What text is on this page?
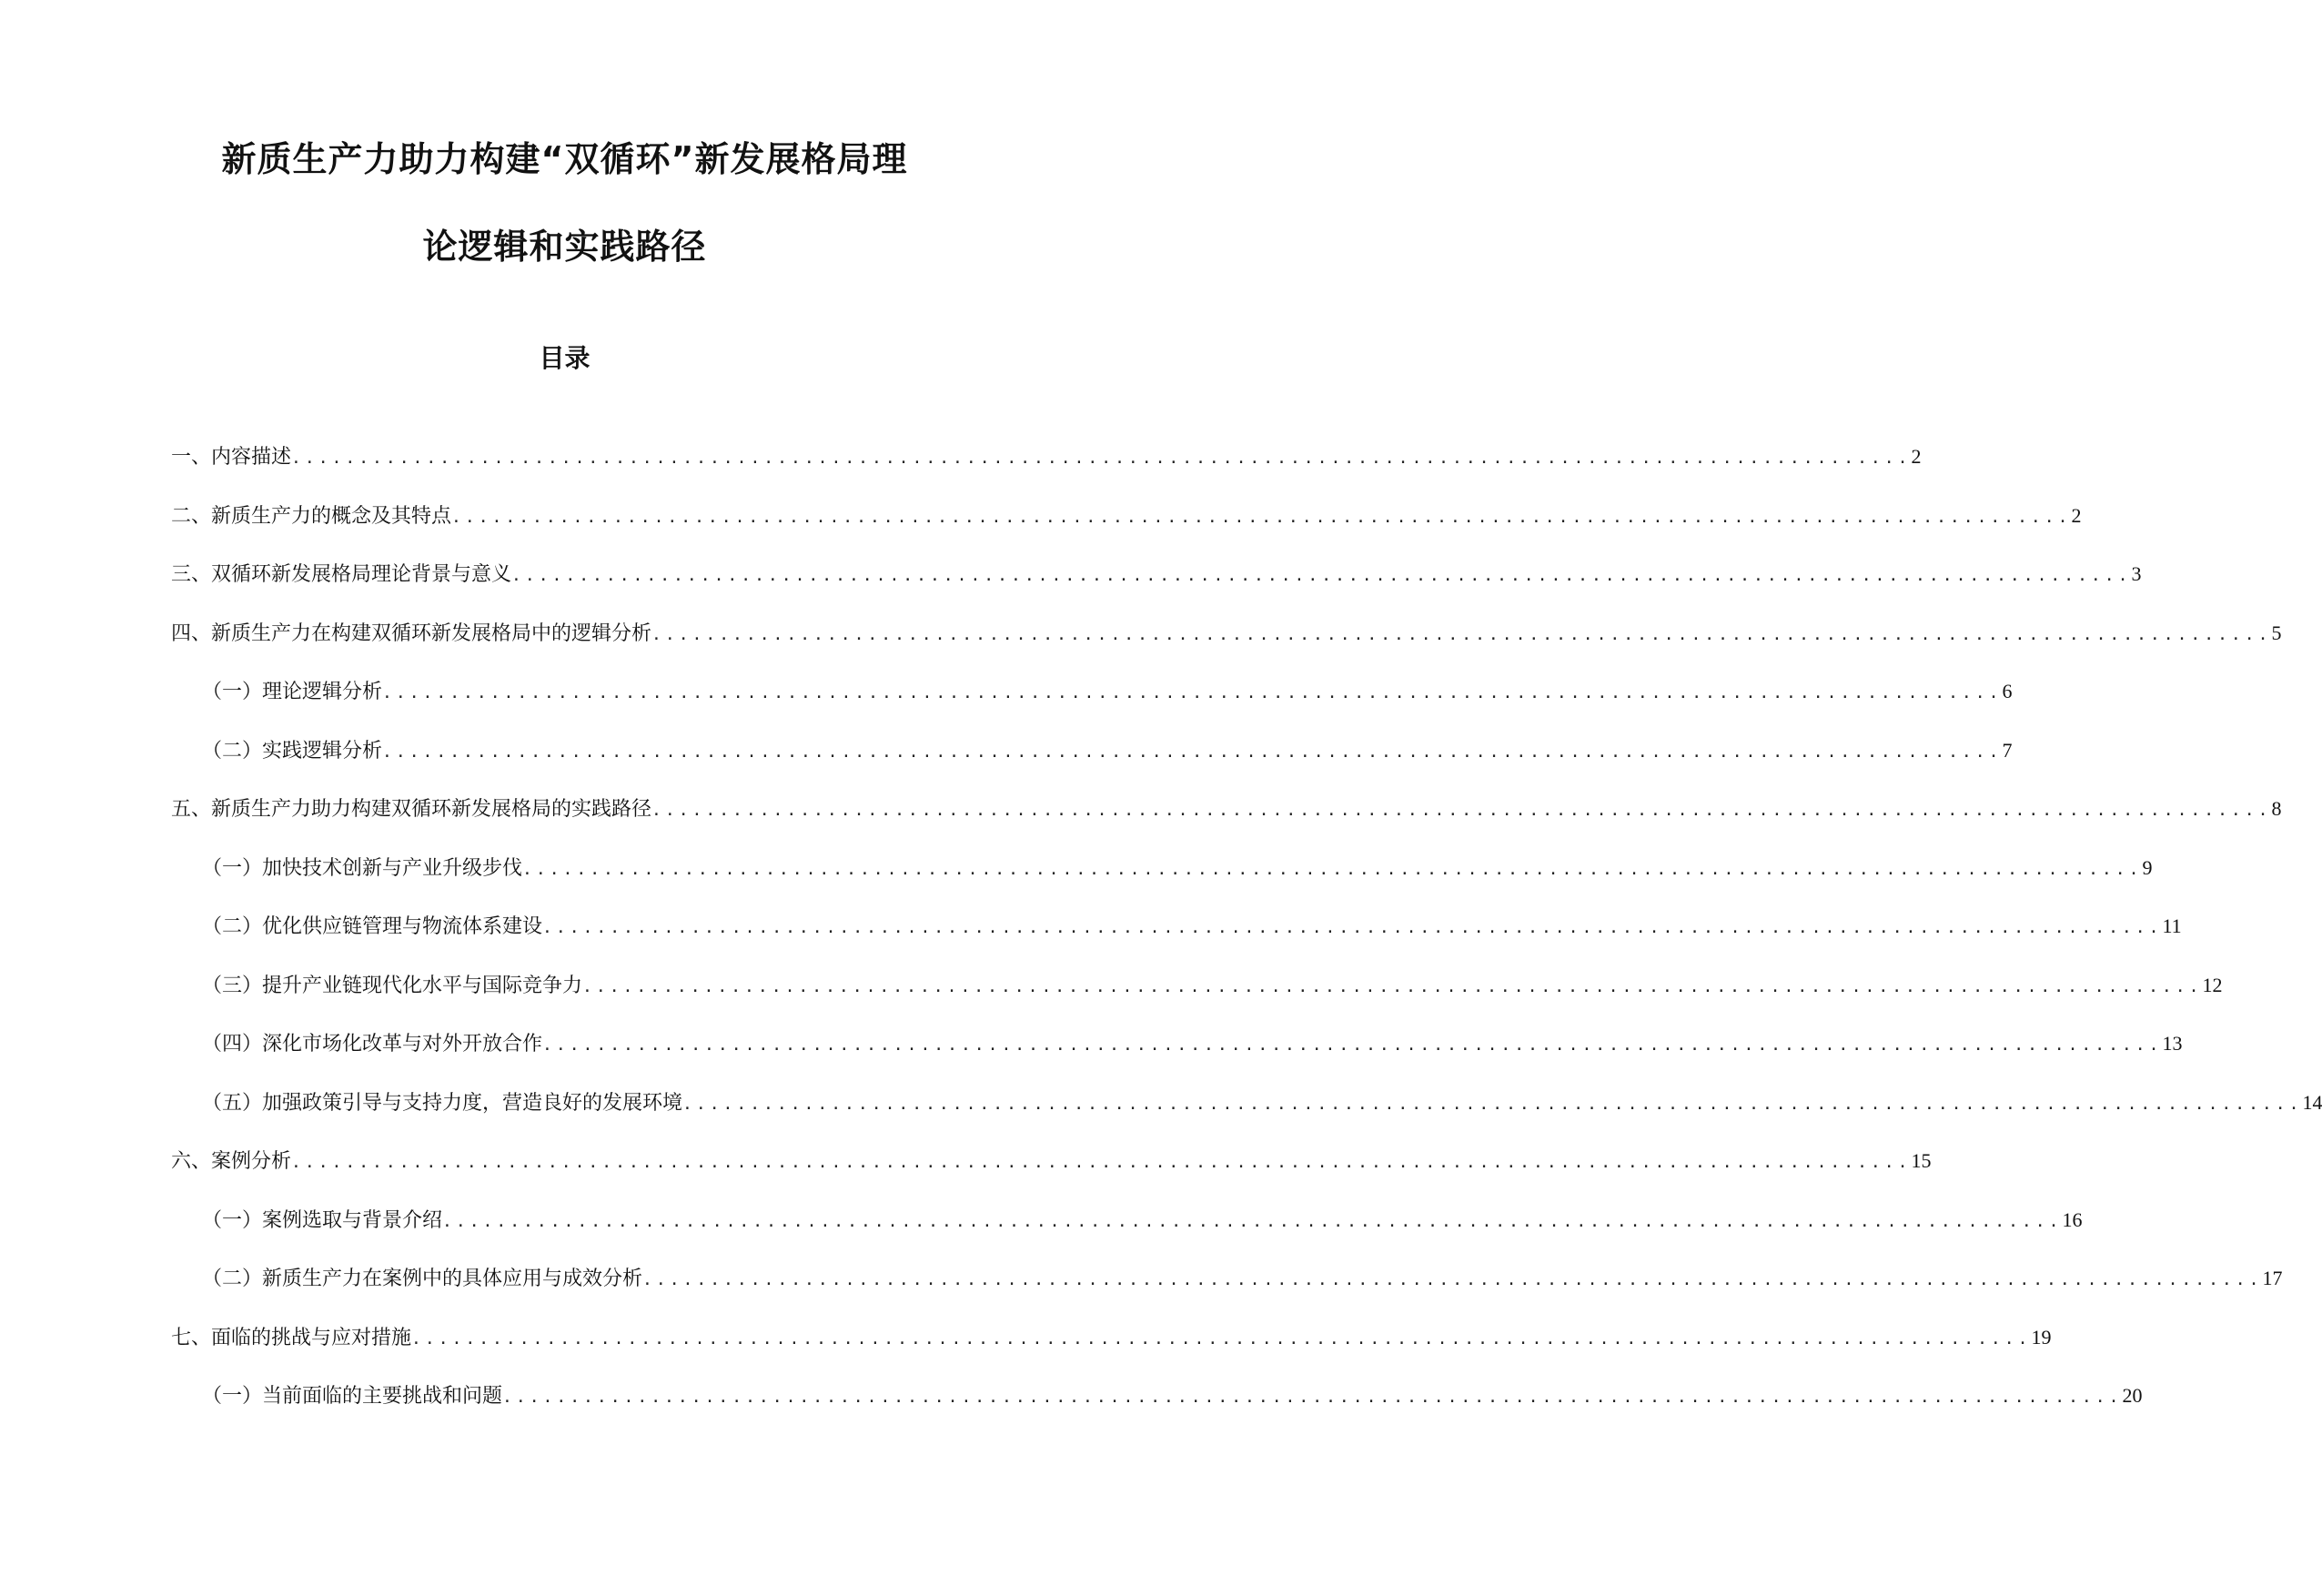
新质生产力助力构建“双循环”新发展格局理
论逻辑和实践路径
目录
一、内容描述 ........................................................................................................................ 2
二、新质生产力的概念及其特点 ........................................................................................................................ 2
三、双循环新发展格局理论背景与意义 ........................................................................................................................ 3
四、新质生产力在构建双循环新发展格局中的逻辑分析 ........................................................................................................................ 5
（一）理论逻辑分析 ........................................................................................................................ 6
（二）实践逻辑分析 ........................................................................................................................ 7
五、新质生产力助力构建双循环新发展格局的实践路径 ........................................................................................................................ 8
（一）加快技术创新与产业升级步伐 ........................................................................................................................ 9
（二）优化供应链管理与物流体系建设 ........................................................................................................................ 11
（三）提升产业链现代化水平与国际竞争力 ........................................................................................................................ 12
（四）深化市场化改革与对外开放合作 ........................................................................................................................ 13
（五）加强政策引导与支持力度，营造良好的发展环境 ........................................................................................................................ 14
六、案例分析 ........................................................................................................................ 15
（一）案例选取与背景介绍 ........................................................................................................................ 16
（二）新质生产力在案例中的具体应用与成效分析 ........................................................................................................................ 17
七、面临的挑战与应对措施 ........................................................................................................................ 19
（一）当前面临的主要挑战和问题 ........................................................................................................................ 20
